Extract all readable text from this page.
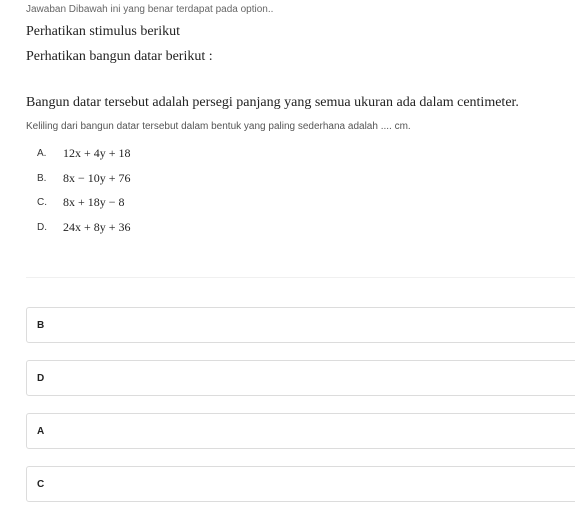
Jawaban Dibawah ini yang benar terdapat pada option..
Perhatikan stimulus berikut
Perhatikan bangun datar berikut :
Bangun datar tersebut adalah persegi panjang yang semua ukuran ada dalam centimeter.
Keliling dari bangun datar tersebut dalam bentuk yang paling sederhana adalah .... cm.
A.	12x + 4y + 18
B.	8x − 10y + 76
C.	8x + 18y − 8
D.	24x + 8y + 36
B
D
A
C
